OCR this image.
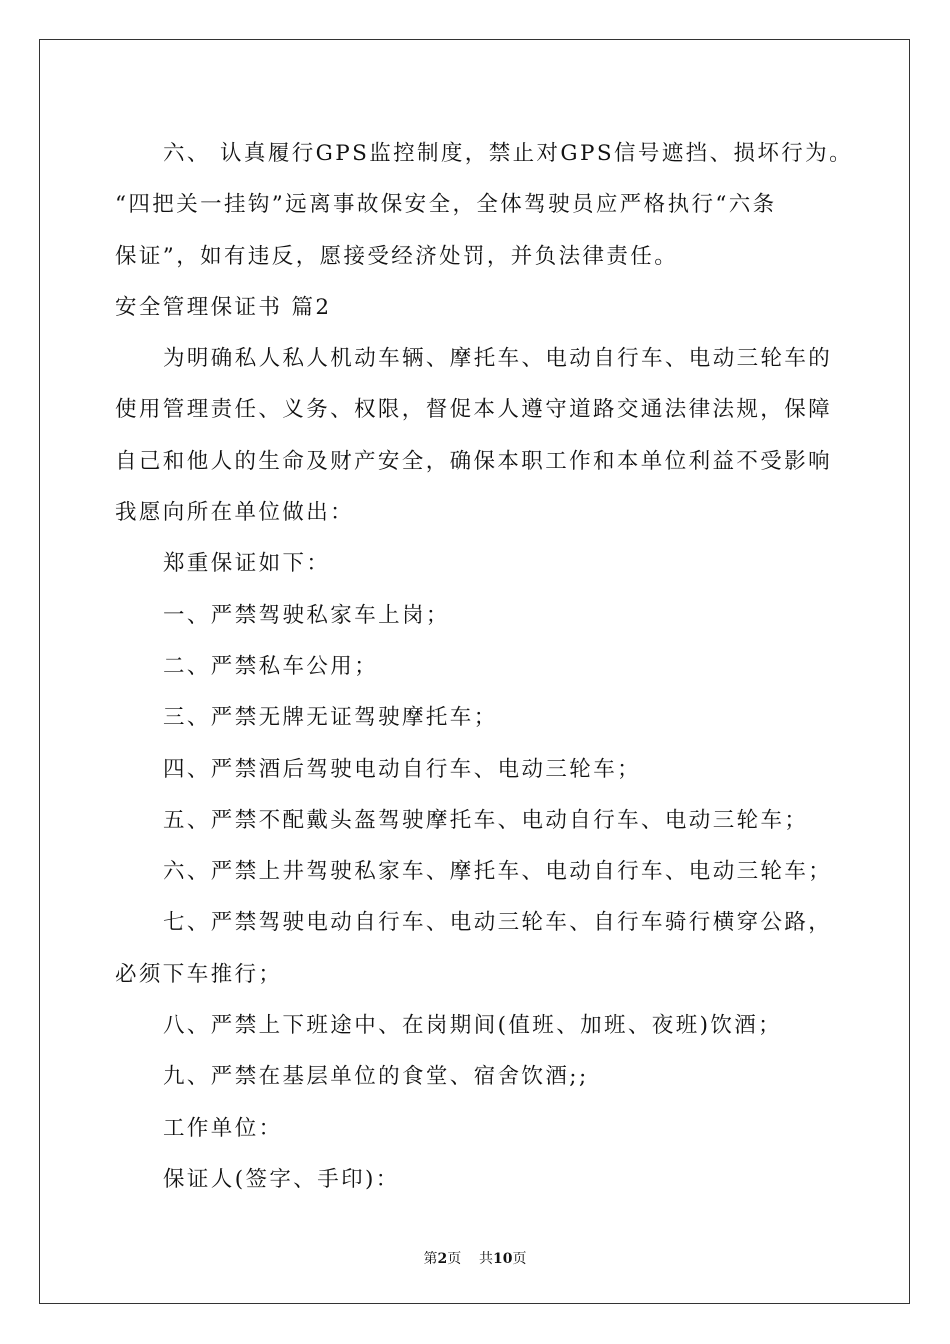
六、 认真履行GPS监控制度，禁止对GPS信号遮挡、损坏行为。
“四把关一挂钩”远离事故保安全，全体驾驶员应严格执行“六条
保证”，如有违反，愿接受经济处罚，并负法律责任。
安全管理保证书 篇2
为明确私人私人机动车辆、摩托车、电动自行车、电动三轮车的
使用管理责任、义务、权限，督促本人遵守道路交通法律法规，保障
自己和他人的生命及财产安全，确保本职工作和本单位利益不受影响
我愿向所在单位做出：
郑重保证如下：
一、严禁驾驶私家车上岗；
二、严禁私车公用；
三、严禁无牌无证驾驶摩托车；
四、严禁酒后驾驶电动自行车、电动三轮车；
五、严禁不配戴头盔驾驶摩托车、电动自行车、电动三轮车；
六、严禁上井驾驶私家车、摩托车、电动自行车、电动三轮车；
七、严禁驾驶电动自行车、电动三轮车、自行车骑行横穿公路，
必须下车推行；
八、严禁上下班途中、在岗期间(值班、加班、夜班)饮酒；
九、严禁在基层单位的食堂、宿舍饮酒;;
工作单位：
保证人(签字、手印)：
第2页 共10页
